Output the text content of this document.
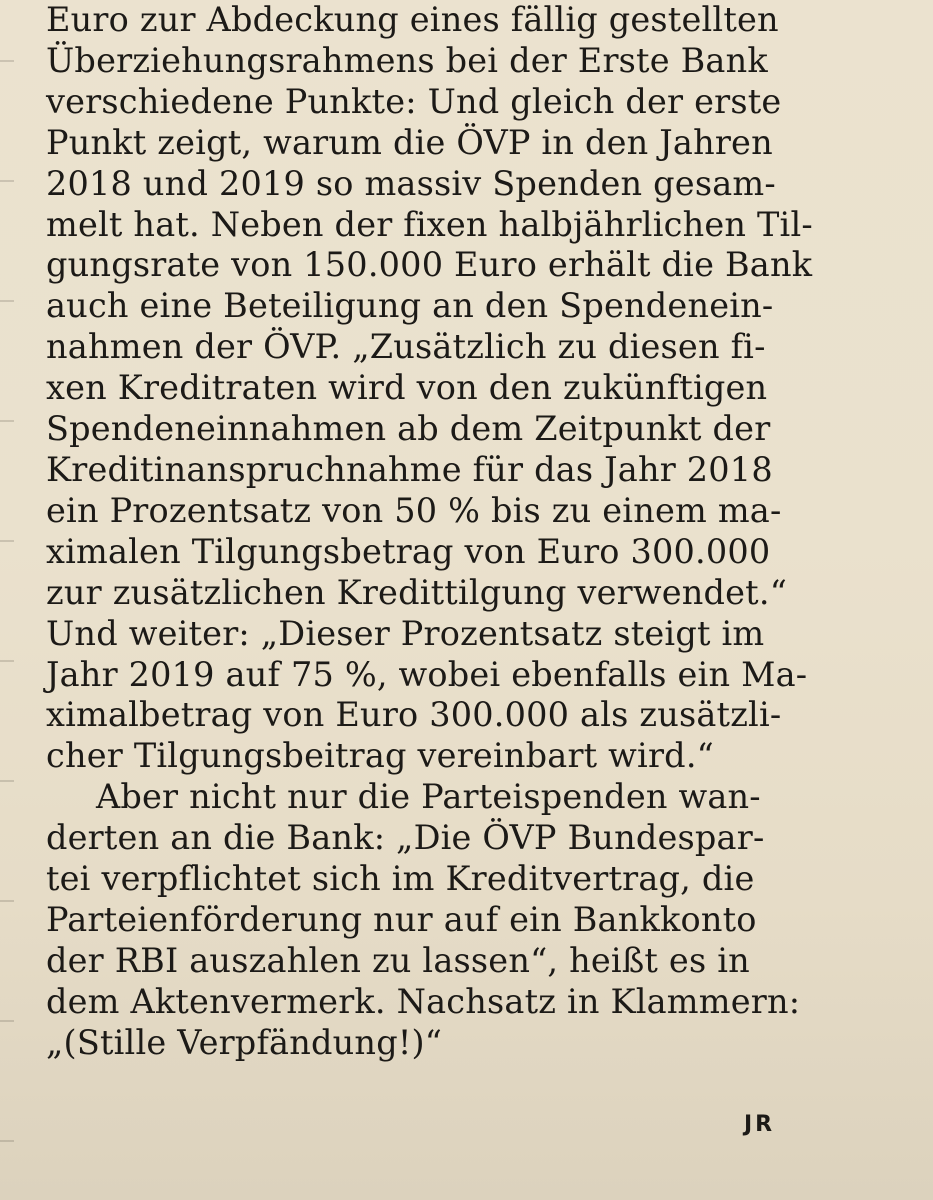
Euro zur Abdeckung eines fällig gestellten
Überziehungsrahmens bei der Erste Bank
verschiedene Punkte: Und gleich der erste
Punkt zeigt, warum die ÖVP in den Jahren
2018 und 2019 so massiv Spenden gesam-
melt hat. Neben der fixen halbjährlichen Til-
gungsrate von 150.000 Euro erhält die Bank
auch eine Beteiligung an den Spendenein-
nahmen der ÖVP. „Zusätzlich zu diesen fi-
xen Kreditraten wird von den zukünftigen
Spendeneinnahmen ab dem Zeitpunkt der
Kreditinanspruchnahme für das Jahr 2018
ein Prozentsatz von 50 % bis zu einem ma-
ximalen Tilgungsbetrag von Euro 300.000
zur zusätzlichen Kredittilgung verwendet.“
Und weiter: „Dieser Prozentsatz steigt im
Jahr 2019 auf 75 %, wobei ebenfalls ein Ma-
ximalbetrag von Euro 300.000 als zusätzli-
cher Tilgungsbeitrag vereinbart wird.“
Aber nicht nur die Parteispenden wan-
derten an die Bank: „Die ÖVP Bundespar-
tei verpflichtet sich im Kreditvertrag, die
Parteienförderung nur auf ein Bankkonto
der RBI auszahlen zu lassen“, heißt es in
dem Aktenvermerk. Nachsatz in Klammern:
„(Stille Verpfändung!)“
JR
